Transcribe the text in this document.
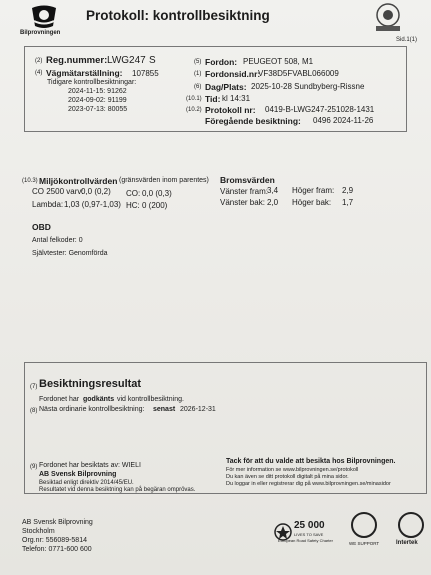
Bilprovningen
Protokoll: kontrollbesiktning
Sid.1(1)
(2) Reg.nummer: LWG247 S
(4) Vägmätarställning: 107855
Tidigare kontrollbesiktningar:
2024-11-15: 91262
2024-09-02: 91199
2023-07-13: 80055
(5) Fordon: PEUGEOT 508, M1
(1) Fordonsid.nr:
VF38D5FVABL066009
(6) Dag/Plats: 2025-10-28 Sundbyberg-Rissne
(10.1) Tid: kl 14:31
(10.2) Protokoll nr: 0419-B-LWG247-251028-1431
Föregående besiktning: 0496 2024-11-26
(10.3) Miljökontrollvärden (gränsvärden inom parentes)
CO 2500 varv:
0,0 (0,2) CO: 0,0 (0,3)
Lambda: 1,03 (0,97-1,03) HC: 0 (200)
Bromsvärden
Vänster fram:
3,4 Höger fram: 2,9
Vänster bak: 2,0 Höger bak: 1,7
OBD
Antal felkoder: 0
Självtester: Genomförda
(7) Besiktningsresultat
Fordonet har godkänts vid kontrollbesiktning.
(8) Nästa ordinarie kontrollbesiktning: senast 2026-12-31
(9) Fordonet har besiktats av: WIELI
AB Svensk Bilprovning
Besiktad enligt direktiv 2014/45/EU.
Resultatet vid denna besiktning kan på begäran omprövas.
Tack för att du valde att besikta hos Bilprovningen.
För mer information se www.bilprovningen.se/protokoll
Du kan även se ditt protokoll digitalt på mina sidor.
Du loggar in eller registrerar dig på www.bilprovningen.se/minasidor
AB Svensk Bilprovning
Stockholm
Org.nr: 556089-5814
Telefon: 0771-600 600
25 000
LIVES TO SAVE
European Road Safety Charter
WE SUPPORT	Intertek
